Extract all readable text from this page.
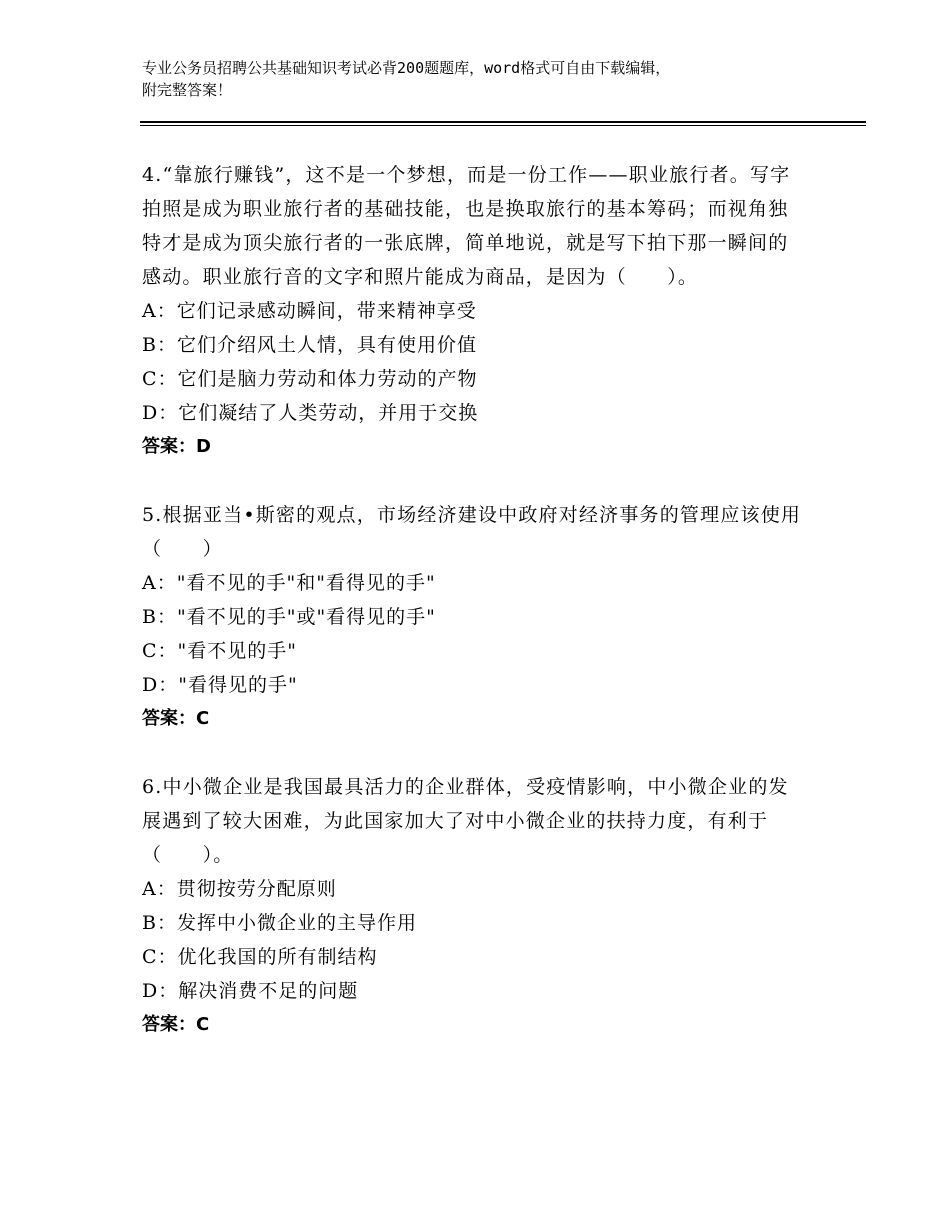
专业公务员招聘公共基础知识考试必背200题题库，word格式可自由下载编辑，
附完整答案！
4.“靠旅行赚钱”，这不是一个梦想，而是一份工作——职业旅行者。写字拍照是成为职业旅行者的基础技能，也是换取旅行的基本筹码；而视角独特才是成为顶尖旅行者的一张底牌，简单地说，就是写下拍下那一瞬间的感动。职业旅行音的文字和照片能成为商品，是因为（　　）。
A：它们记录感动瞬间，带来精神享受
B：它们介绍风土人情，具有使用价值
C：它们是脑力劳动和体力劳动的产物
D：它们凝结了人类劳动，并用于交换
答案：D
5.根据亚当•斯密的观点，市场经济建设中政府对经济事务的管理应该使用（　　）
A："看不见的手"和"看得见的手"
B："看不见的手"或"看得见的手"
C："看不见的手"
D："看得见的手"
答案：C
6.中小微企业是我国最具活力的企业群体，受疫情影响，中小微企业的发展遇到了较大困难，为此国家加大了对中小微企业的扶持力度，有利于（　　）。
A：贯彻按劳分配原则
B：发挥中小微企业的主导作用
C：优化我国的所有制结构
D：解决消费不足的问题
答案：C
